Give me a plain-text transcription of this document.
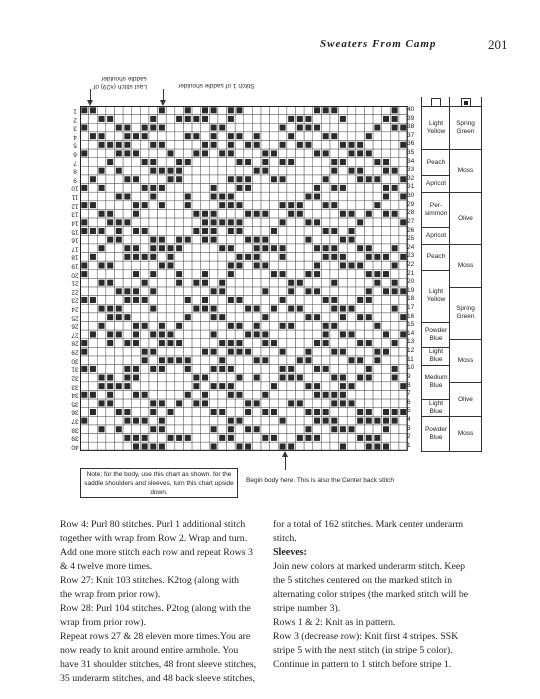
Sweaters From Camp	201
Stitch 1 of saddle shoulder
Last stitch (#29) of saddle shoulder
1
2
3
4
5
6
7
8
9
10
11
12
13
14
15
16
17
18
19
20
21
22
23
24
25
26
27
28
29
30
31
32
33
34
35
36
37
38
39
40
40
39
38
37
36
35
34
33
32
31
30
29
28
27
26
25
24
23
22
21
20
19
18
17
16
15
14
13
12
11
10
9
8
7
6
5
4
3
2
1
Light Yellow
Peach
Apricot
Per-simmon
Apricot
Peach
Light Yellow
Powder Blue
Light Blue
Medium Blue
Light Blue
Powder Blue
Spring Green
Moss
Olive
Moss
Spring Green
Moss
Olive
Moss
Note: for the body, use this chart as shown. for the saddle shoulders and sleeves, turn this chart upside down.
Begin body here. This is also the Center back stitch

Row 4: Purl 80 stitches. Purl 1 additional stitch

together with wrap from Row 2. Wrap and turn.

Add one more stitch each row and repeat Rows 3

& 4 twelve more times.

Row 27: Knit 103 stitches. K2tog (along with

the wrap from prior row).

Row 28: Purl 104 stitches. P2tog (along with the

wrap from prior row).

Repeat rows 27 & 28 eleven more times.You are

now ready to knit around entire armhole. You

have 31 shoulder stitches, 48 front sleeve stitches,

35 underarm stitches, and 48 back sleeve stitches,

for a total of 162 stitches. Mark center underarm

stitch.

Sleeves:

Join new colors at marked underarm stitch. Keep

the 5 stitches centered on the marked stitch in

alternating color stripes (the marked stitch will be

stripe number 3).

Rows 1 & 2: Knit as in pattern.

Row 3 (decrease row): Knit first 4 stripes. SSK

stripe 5 with the next stitch (in stripe 5 color).

Continue in pattern to 1 stitch before stripe 1.
